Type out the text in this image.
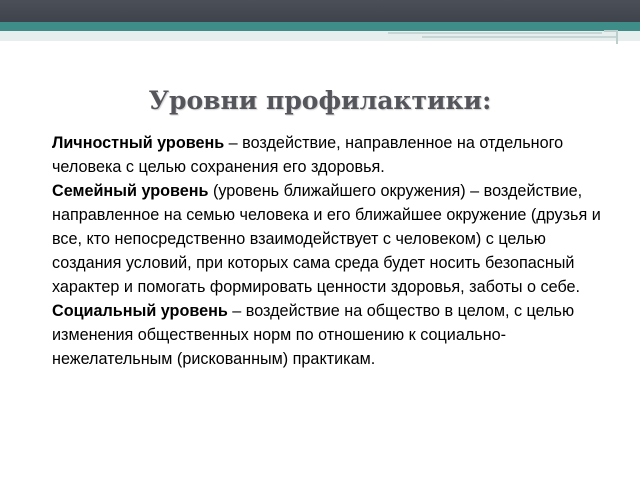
Уровни профилактики:

Личностный уровень – воздействие, направленное на отдельного человека с целью сохранения его здоровья.

Семейный уровень (уровень ближайшего окружения) – воздействие, направленное на семью человека и его ближайшее окружение (друзья и все, кто непосредственно взаимодействует с человеком) с целью создания условий, при которых сама среда будет носить безопасный характер и помогать формировать ценности здоровья, заботы о себе.

Социальный уровень – воздействие на общество в целом, с целью изменения общественных норм по отношению к социально-нежелательным (рискованным) практикам.
